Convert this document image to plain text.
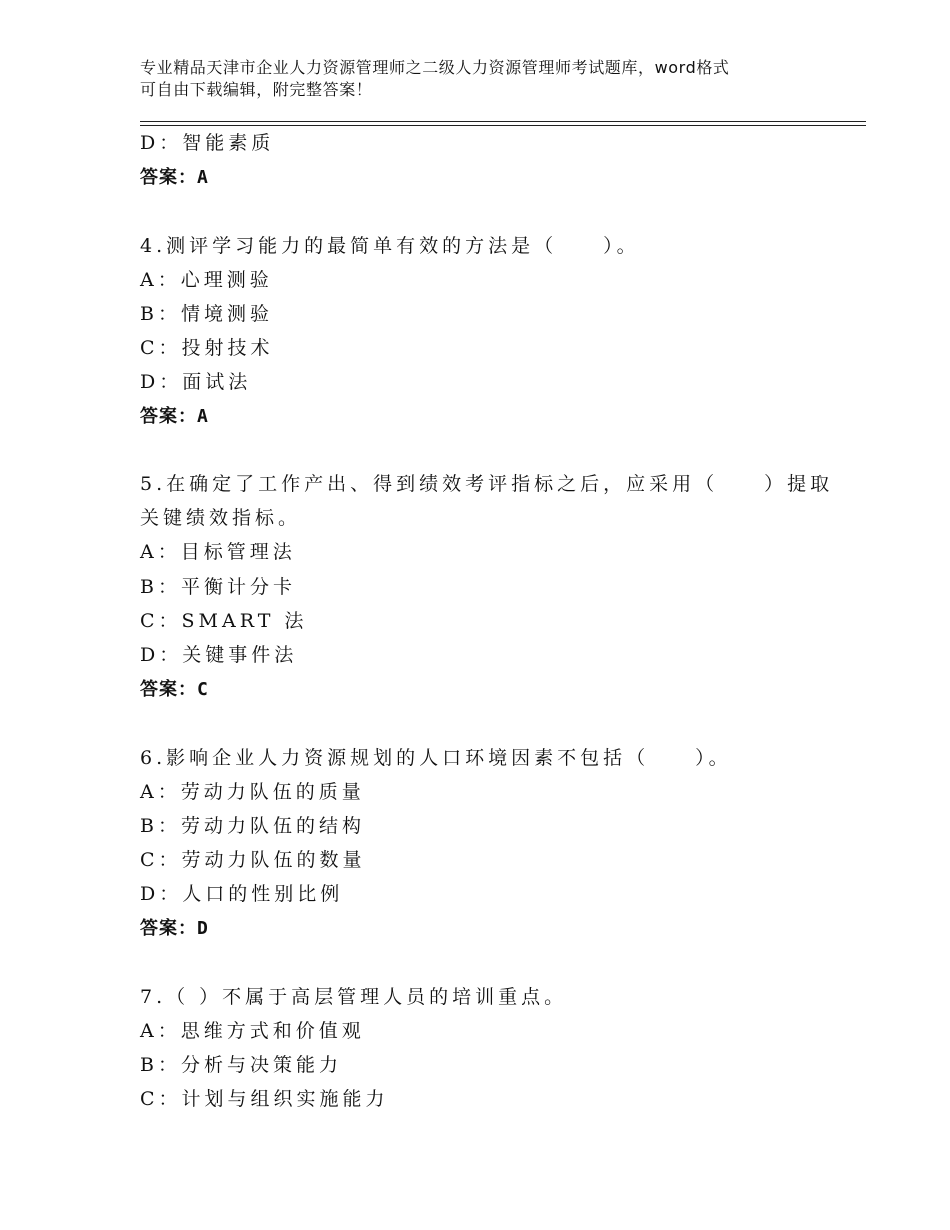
专业精品天津市企业人力资源管理师之二级人力资源管理师考试题库，word格式
可自由下载编辑，附完整答案！
D：智能素质
答案：A
4.测评学习能力的最简单有效的方法是（　　）。
A：心理测验
B：情境测验
C：投射技术
D：面试法
答案：A
5.在确定了工作产出、得到绩效考评指标之后，应采用（　　）提取
关键绩效指标。
A：目标管理法
B：平衡计分卡
C：SMART 法
D：关键事件法
答案：C
6.影响企业人力资源规划的人口环境因素不包括（　　）。
A：劳动力队伍的质量
B：劳动力队伍的结构
C：劳动力队伍的数量
D：人口的性别比例
答案：D
7.（ ）不属于高层管理人员的培训重点。
A：思维方式和价值观
B：分析与决策能力
C：计划与组织实施能力
